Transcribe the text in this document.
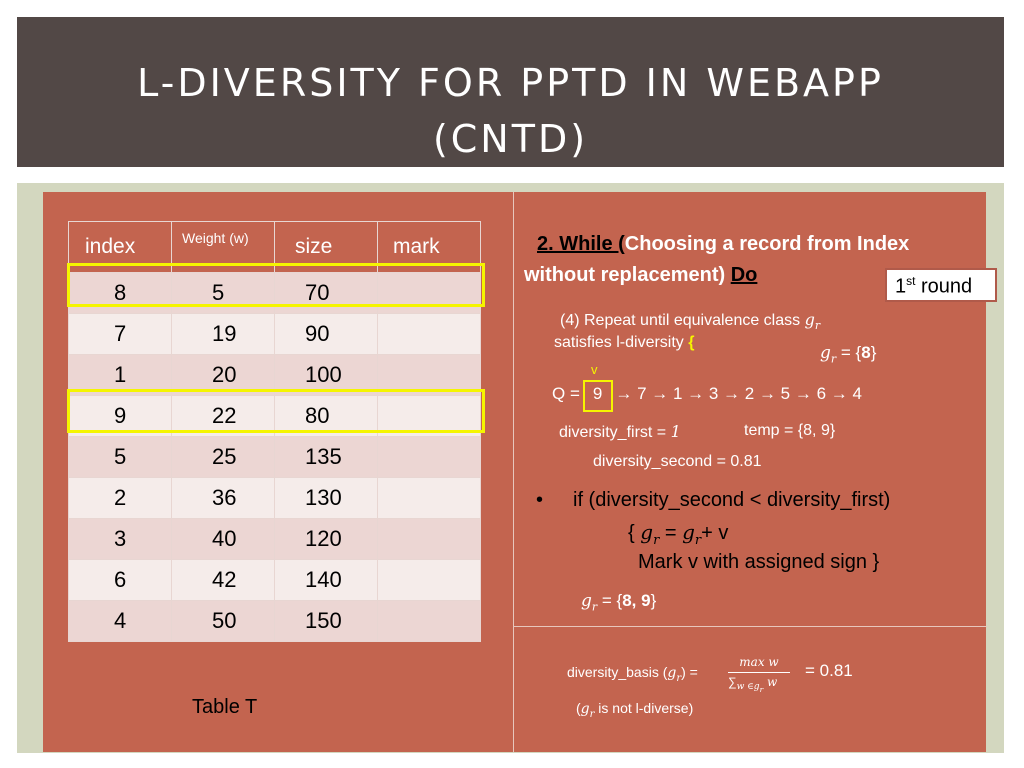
L-DIVERSITY FOR PPTD IN WEBAPP
(CNTD)
index	Weight (w)	size	mark
8	5	70	
7	19	90	
1	20	100	
9	22	80	
5	25	135	
2	36	130	
3	40	120	
6	42	140	
4	50	150	
Table T
2. While (Choosing a record from Index
without replacement) Do
1st round
(4) Repeat until equivalence class $g_r$
satisfies l-diversity {
$g_r = \{8\}$
v
Q = 9 → 7 → 1 → 3 → 2 → 5 → 6 → 4
diversity_first = 1	temp = {8, 9}
diversity_second = 0.81
• if (diversity_second < diversity_first)
{ $g_r = g_r+ v$
Mark v with assigned sign }
$g_r = \{8$, 9}
diversity_basis $(g_r)$ =
max w
$\sum_{w \in g_r}$ w
= 0.81
($g_r$ is not l-diverse)
